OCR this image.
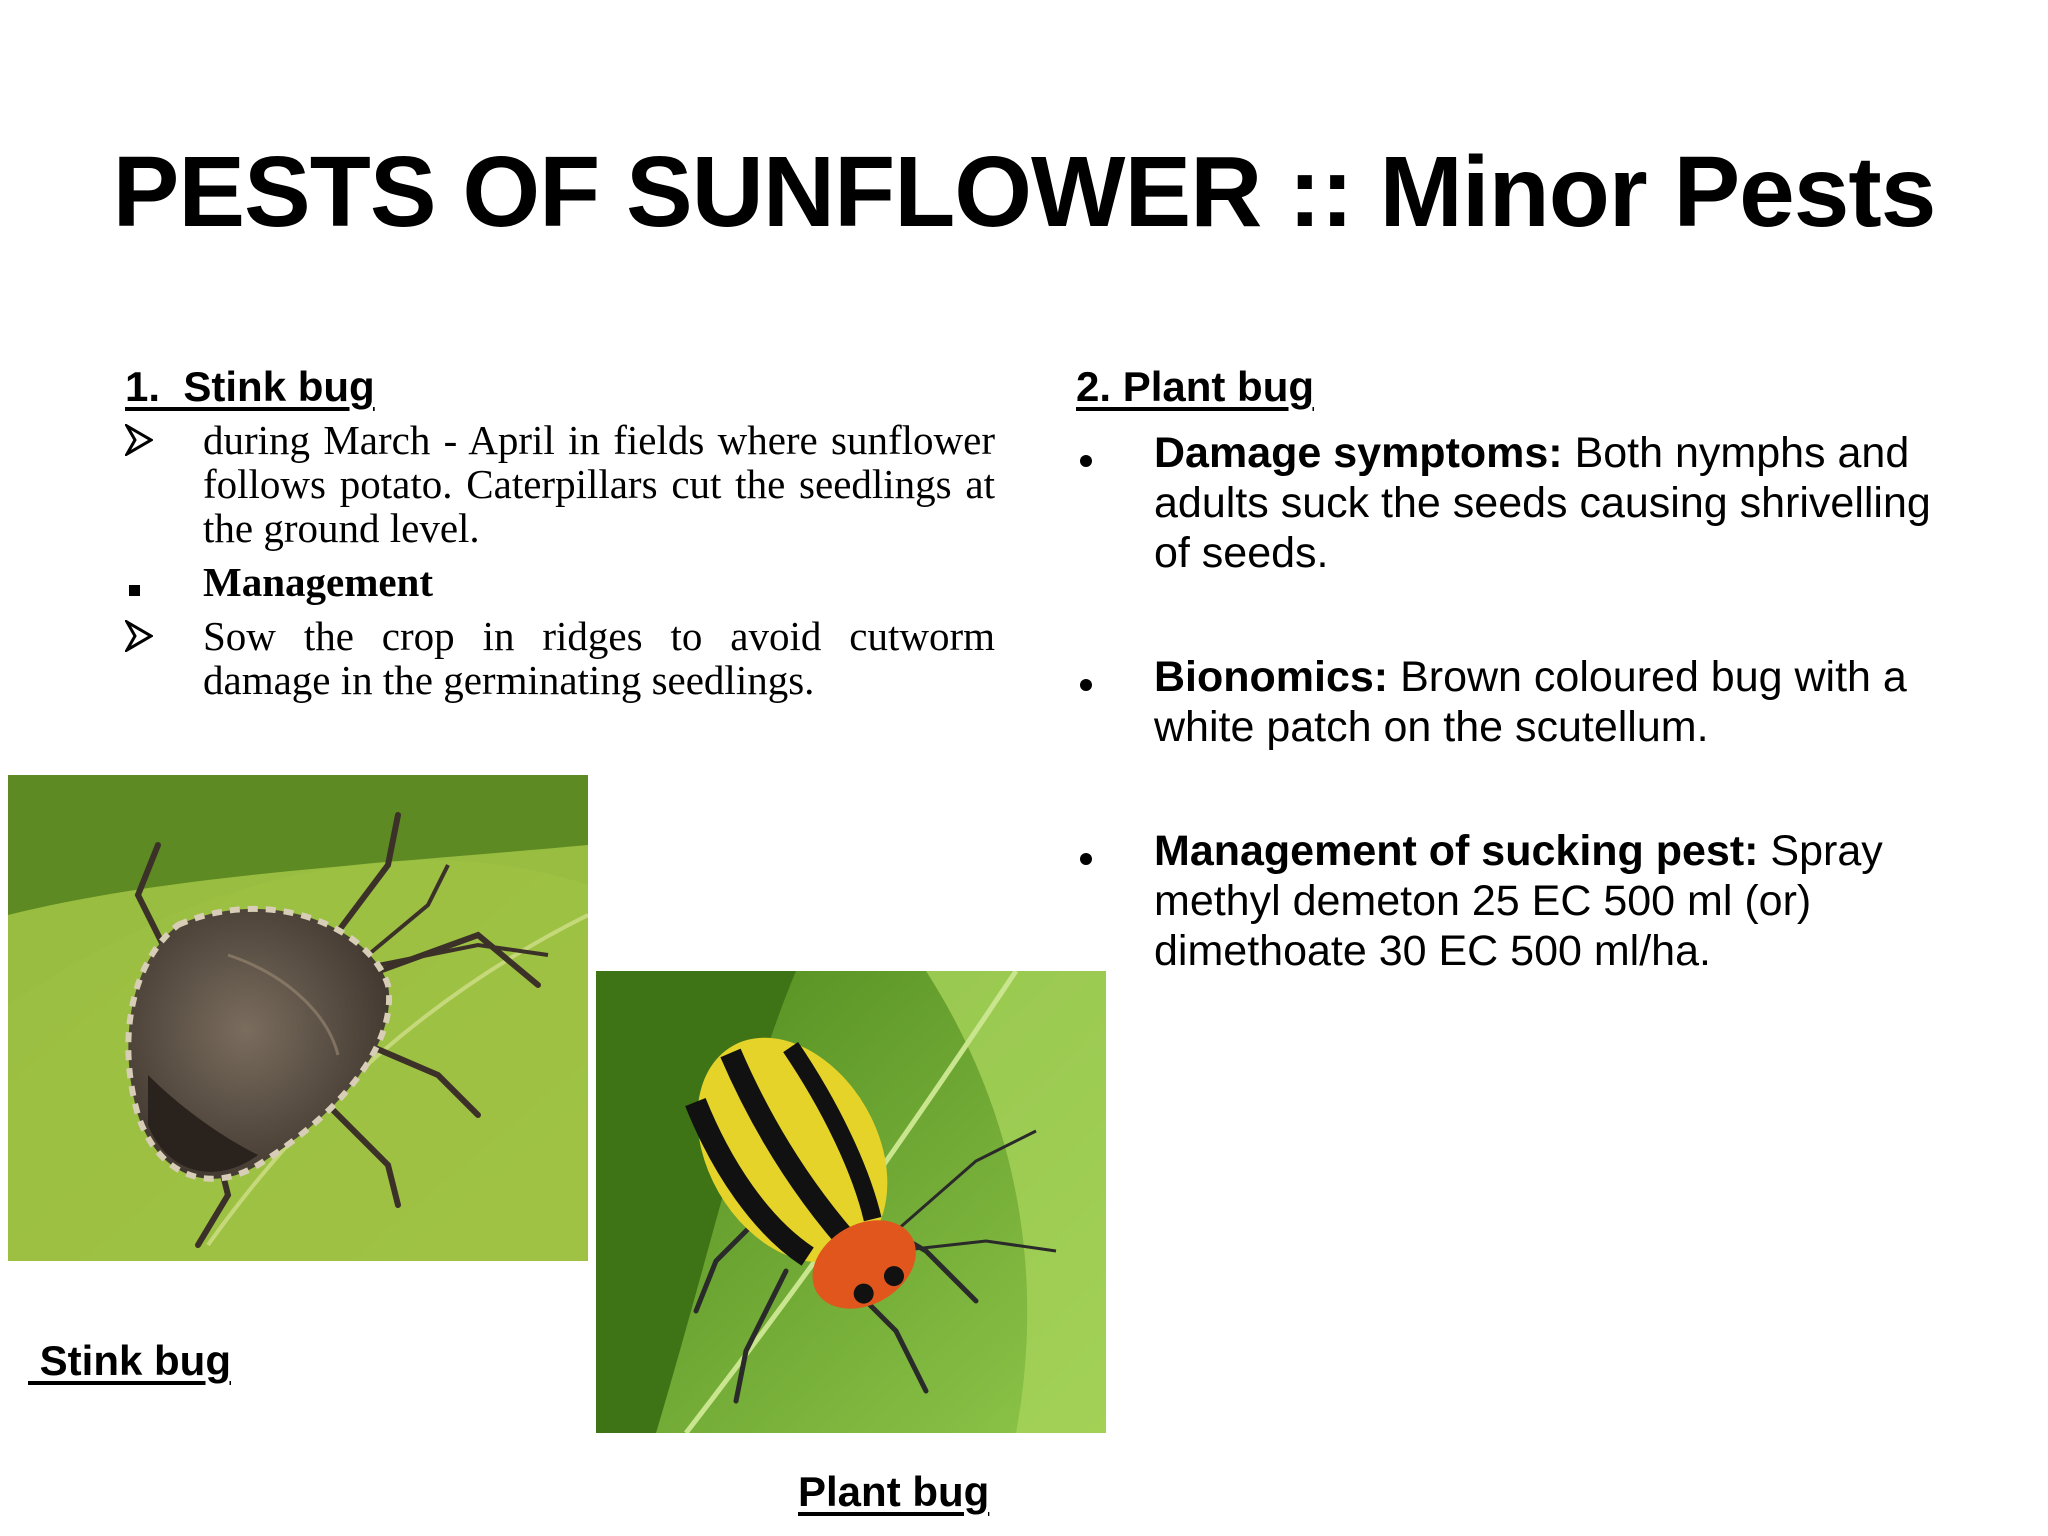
PESTS OF SUNFLOWER :: Minor Pests
1.  Stink bug
during March - April in fields where sunflower follows potato. Caterpillars cut the seedlings at the ground level.
Management
Sow the crop in ridges to avoid cutworm damage in the germinating seedlings.
2. Plant bug
Damage symptoms: Both nymphs and adults suck the seeds causing shrivelling of seeds.
Bionomics: Brown coloured bug with a white patch on the scutellum.
Management of sucking pest: Spray methyl demeton 25 EC 500 ml (or) dimethoate 30 EC 500 ml/ha.
Stink bug
Plant bug
